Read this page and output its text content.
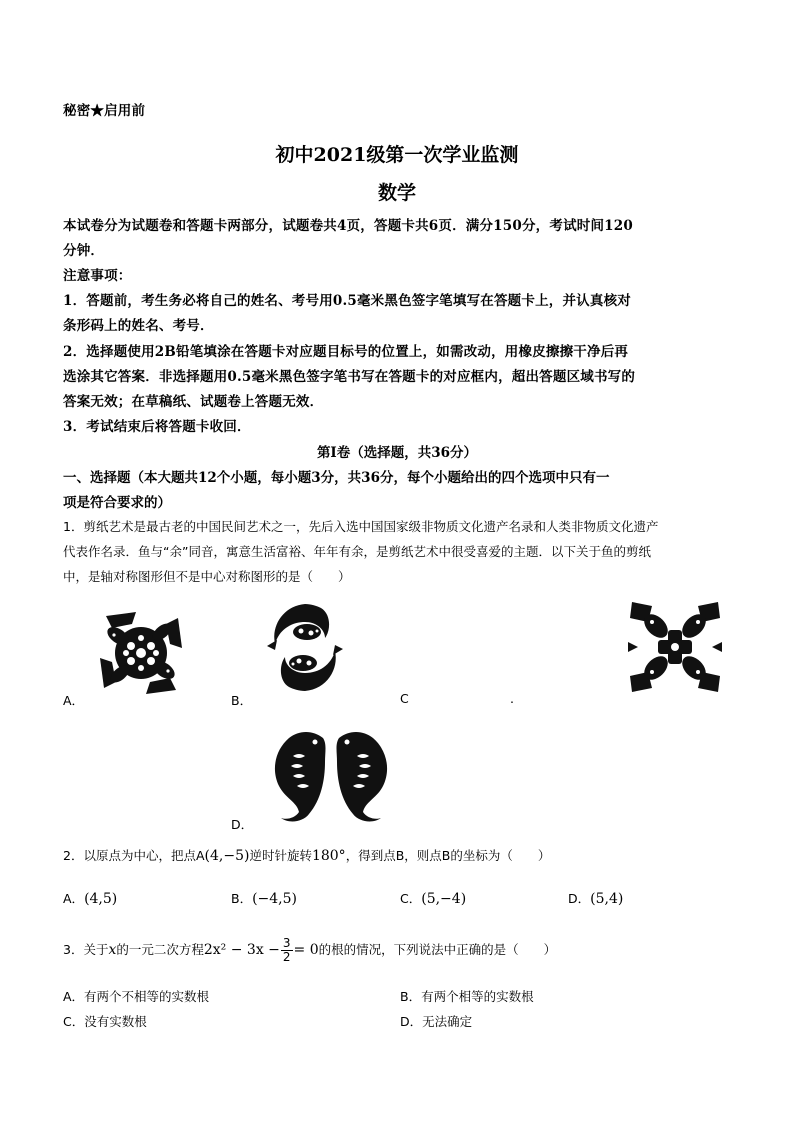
秘密★启用前
初中2021级第一次学业监测
数学
本试卷分为试题卷和答题卡两部分，试题卷共4页，答题卡共6页．满分150分，考试时间120
分钟．
注意事项：
1．答题前，考生务必将自己的姓名、考号用0.5毫米黑色签字笔填写在答题卡上，并认真核对
条形码上的姓名、考号．
2．选择题使用2B铅笔填涂在答题卡对应题目标号的位置上，如需改动，用橡皮擦擦干净后再
选涂其它答案．非选择题用0.5毫米黑色签字笔书写在答题卡的对应框内，超出答题区域书写的
答案无效；在草稿纸、试题卷上答题无效．
3．考试结束后将答题卡收回．
第Ⅰ卷（选择题，共36分）
一、选择题（本大题共12个小题，每小题3分，共36分，每个小题给出的四个选项中只有一
项是符合要求的）
1．剪纸艺术是最古老的中国民间艺术之一，先后入选中国国家级非物质文化遗产名录和人类非物质文化遗产
代表作名录．鱼与“余”同音，寓意生活富裕、年年有余，是剪纸艺术中很受喜爱的主题．以下关于鱼的剪纸
中，是轴对称图形但不是中心对称图形的是（　　）
A．	B．	C	.
D．
2．以原点为中心，把点A(4,−5)逆时针旋转180°，得到点B，则点B的坐标为（　　）
A．(4,5)	B．(−4,5)	C．(5,−4)	D．(5,4)
3．关于x的一元二次方程$2x^2 - 3x - \frac{3}{2} = 0$的根的情况，下列说法中正确的是（　　）
A．有两个不相等的实数根	B．有两个相等的实数根
C．没有实数根	D．无法确定
